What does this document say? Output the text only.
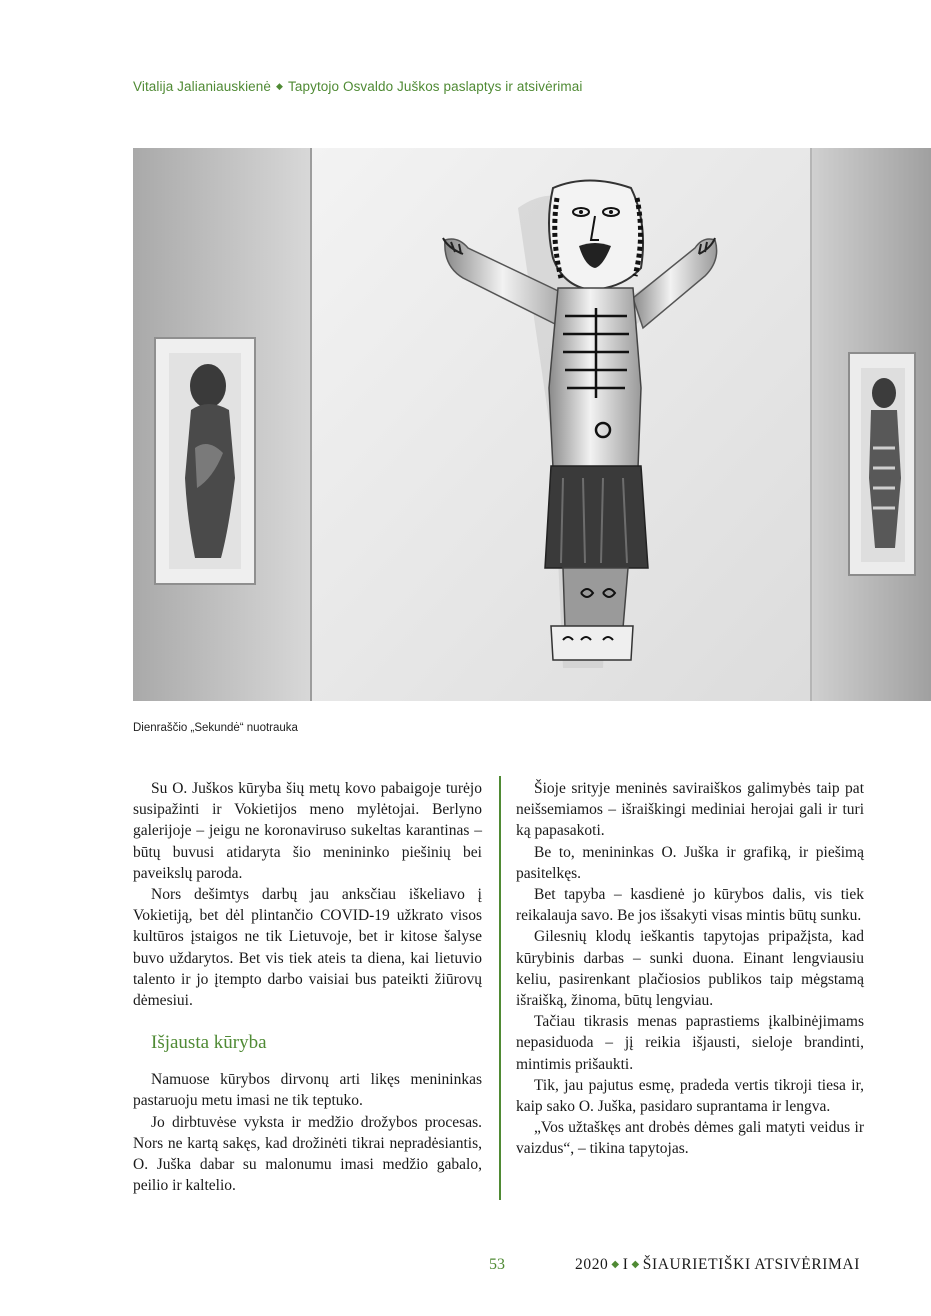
Vitalija Jalianiauskienė ◆ Tapytojo Osvaldo Juškos paslaptys ir atsivėrimai
Dienraščio „Sekundė“ nuotrauka

Su O. Juškos kūryba šių metų kovo pabaigoje turėjo susipažinti ir Vokietijos meno mylėtojai. Berlyno galerijoje – jeigu ne koronaviruso sukeltas karantinas – būtų buvusi atidaryta šio menininko piešinių bei paveikslų paroda.

Nors dešimtys darbų jau anksčiau iškeliavo į Vokietiją, bet dėl plintančio COVID-19 užkrato visos kultūros įstaigos ne tik Lietuvoje, bet ir kitose šalyse buvo uždarytos. Bet vis tiek ateis ta diena, kai lietuvio talento ir jo įtempto darbo vaisiai bus pateikti žiūrovų dėmesiui.

Išjausta kūryba

Namuose kūrybos dirvonų arti likęs menininkas pastaruoju metu imasi ne tik teptuko.

Jo dirbtuvėse vyksta ir medžio drožybos procesas. Nors ne kartą sakęs, kad drožinėti tikrai nepradėsiantis, O. Juška dabar su malonumu imasi medžio gabalo, peilio ir kaltelio.

Šioje srityje meninės saviraiškos galimybės taip pat neišsemiamos – išraiškingi mediniai herojai gali ir turi ką papasakoti.

Be to, menininkas O. Juška ir grafiką, ir piešimą pasitelkęs.

Bet tapyba – kasdienė jo kūrybos dalis, vis tiek reikalauja savo. Be jos išsakyti visas mintis būtų sunku.

Gilesnių klodų ieškantis tapytojas pripažįsta, kad kūrybinis darbas – sunki duona. Einant lengviausiu keliu, pasirenkant plačiosios publikos taip mėgstamą išraišką, žinoma, būtų lengviau.

Tačiau tikrasis menas paprastiems įkalbinėjimams nepasiduoda – jį reikia išjausti, sieloje brandinti, mintimis prišaukti.

Tik, jau pajutus esmę, pradeda vertis tikroji tiesa ir, kaip sako O. Juška, pasidaro suprantama ir lengva.

„Vos užtaškęs ant drobės dėmes gali matyti veidus ir vaizdus“, – tikina tapytojas.

53	2020 ◆ I ◆ ŠIAURIETIŠKI ATSIVĖRIMAI
